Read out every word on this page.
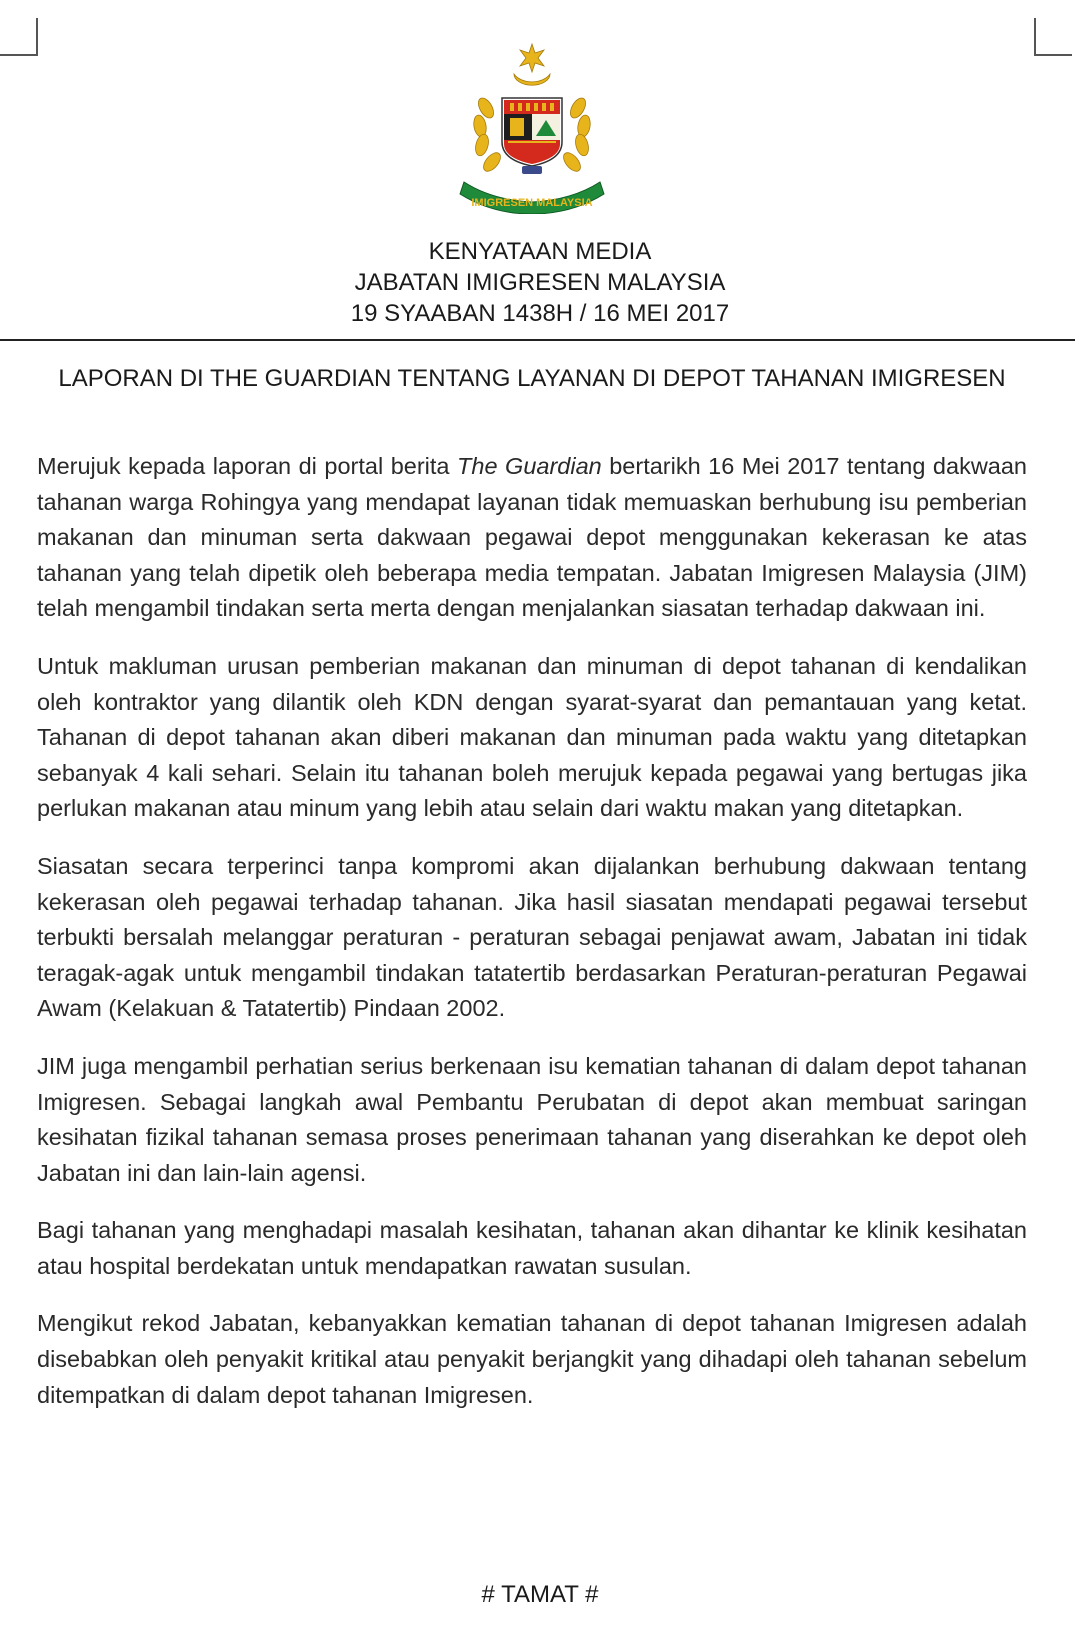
IMIGRESEN MALAYSIA
KENYATAAN MEDIA
JABATAN IMIGRESEN MALAYSIA
19 SYAABAN 1438H / 16 MEI 2017
LAPORAN DI THE GUARDIAN TENTANG LAYANAN DI DEPOT TAHANAN IMIGRESEN

Merujuk kepada laporan di portal berita The Guardian bertarikh 16 Mei 2017 tentang dakwaan tahanan warga Rohingya yang mendapat layanan tidak memuaskan berhubung isu pemberian makanan dan minuman serta dakwaan pegawai depot menggunakan kekerasan ke atas tahanan yang telah dipetik oleh beberapa media tempatan. Jabatan Imigresen Malaysia (JIM) telah mengambil tindakan serta merta dengan menjalankan siasatan terhadap dakwaan ini.

Untuk makluman urusan pemberian makanan dan minuman di depot tahanan di kendalikan oleh kontraktor yang dilantik oleh KDN dengan syarat-syarat dan pemantauan yang ketat. Tahanan di depot tahanan akan diberi makanan dan minuman pada waktu yang ditetapkan sebanyak 4 kali sehari. Selain itu tahanan boleh merujuk kepada pegawai yang bertugas jika perlukan makanan atau minum yang lebih atau selain dari waktu makan yang ditetapkan.

Siasatan secara terperinci tanpa kompromi akan dijalankan berhubung dakwaan tentang kekerasan oleh pegawai terhadap tahanan. Jika hasil siasatan mendapati pegawai tersebut terbukti bersalah melanggar peraturan - peraturan sebagai penjawat awam, Jabatan ini tidak teragak-agak untuk mengambil tindakan tatatertib berdasarkan Peraturan-peraturan Pegawai Awam (Kelakuan & Tatatertib) Pindaan 2002.

JIM juga mengambil perhatian serius berkenaan isu kematian tahanan di dalam depot tahanan Imigresen. Sebagai langkah awal Pembantu Perubatan di depot akan membuat saringan kesihatan fizikal tahanan semasa proses penerimaan tahanan yang diserahkan ke depot oleh Jabatan ini dan lain-lain agensi.

Bagi tahanan yang menghadapi masalah kesihatan, tahanan akan dihantar ke klinik kesihatan atau hospital berdekatan untuk mendapatkan rawatan susulan.

Mengikut rekod Jabatan, kebanyakkan kematian tahanan di depot tahanan Imigresen adalah disebabkan oleh penyakit kritikal atau penyakit berjangkit yang dihadapi oleh tahanan sebelum ditempatkan di dalam depot tahanan Imigresen.

# TAMAT #
